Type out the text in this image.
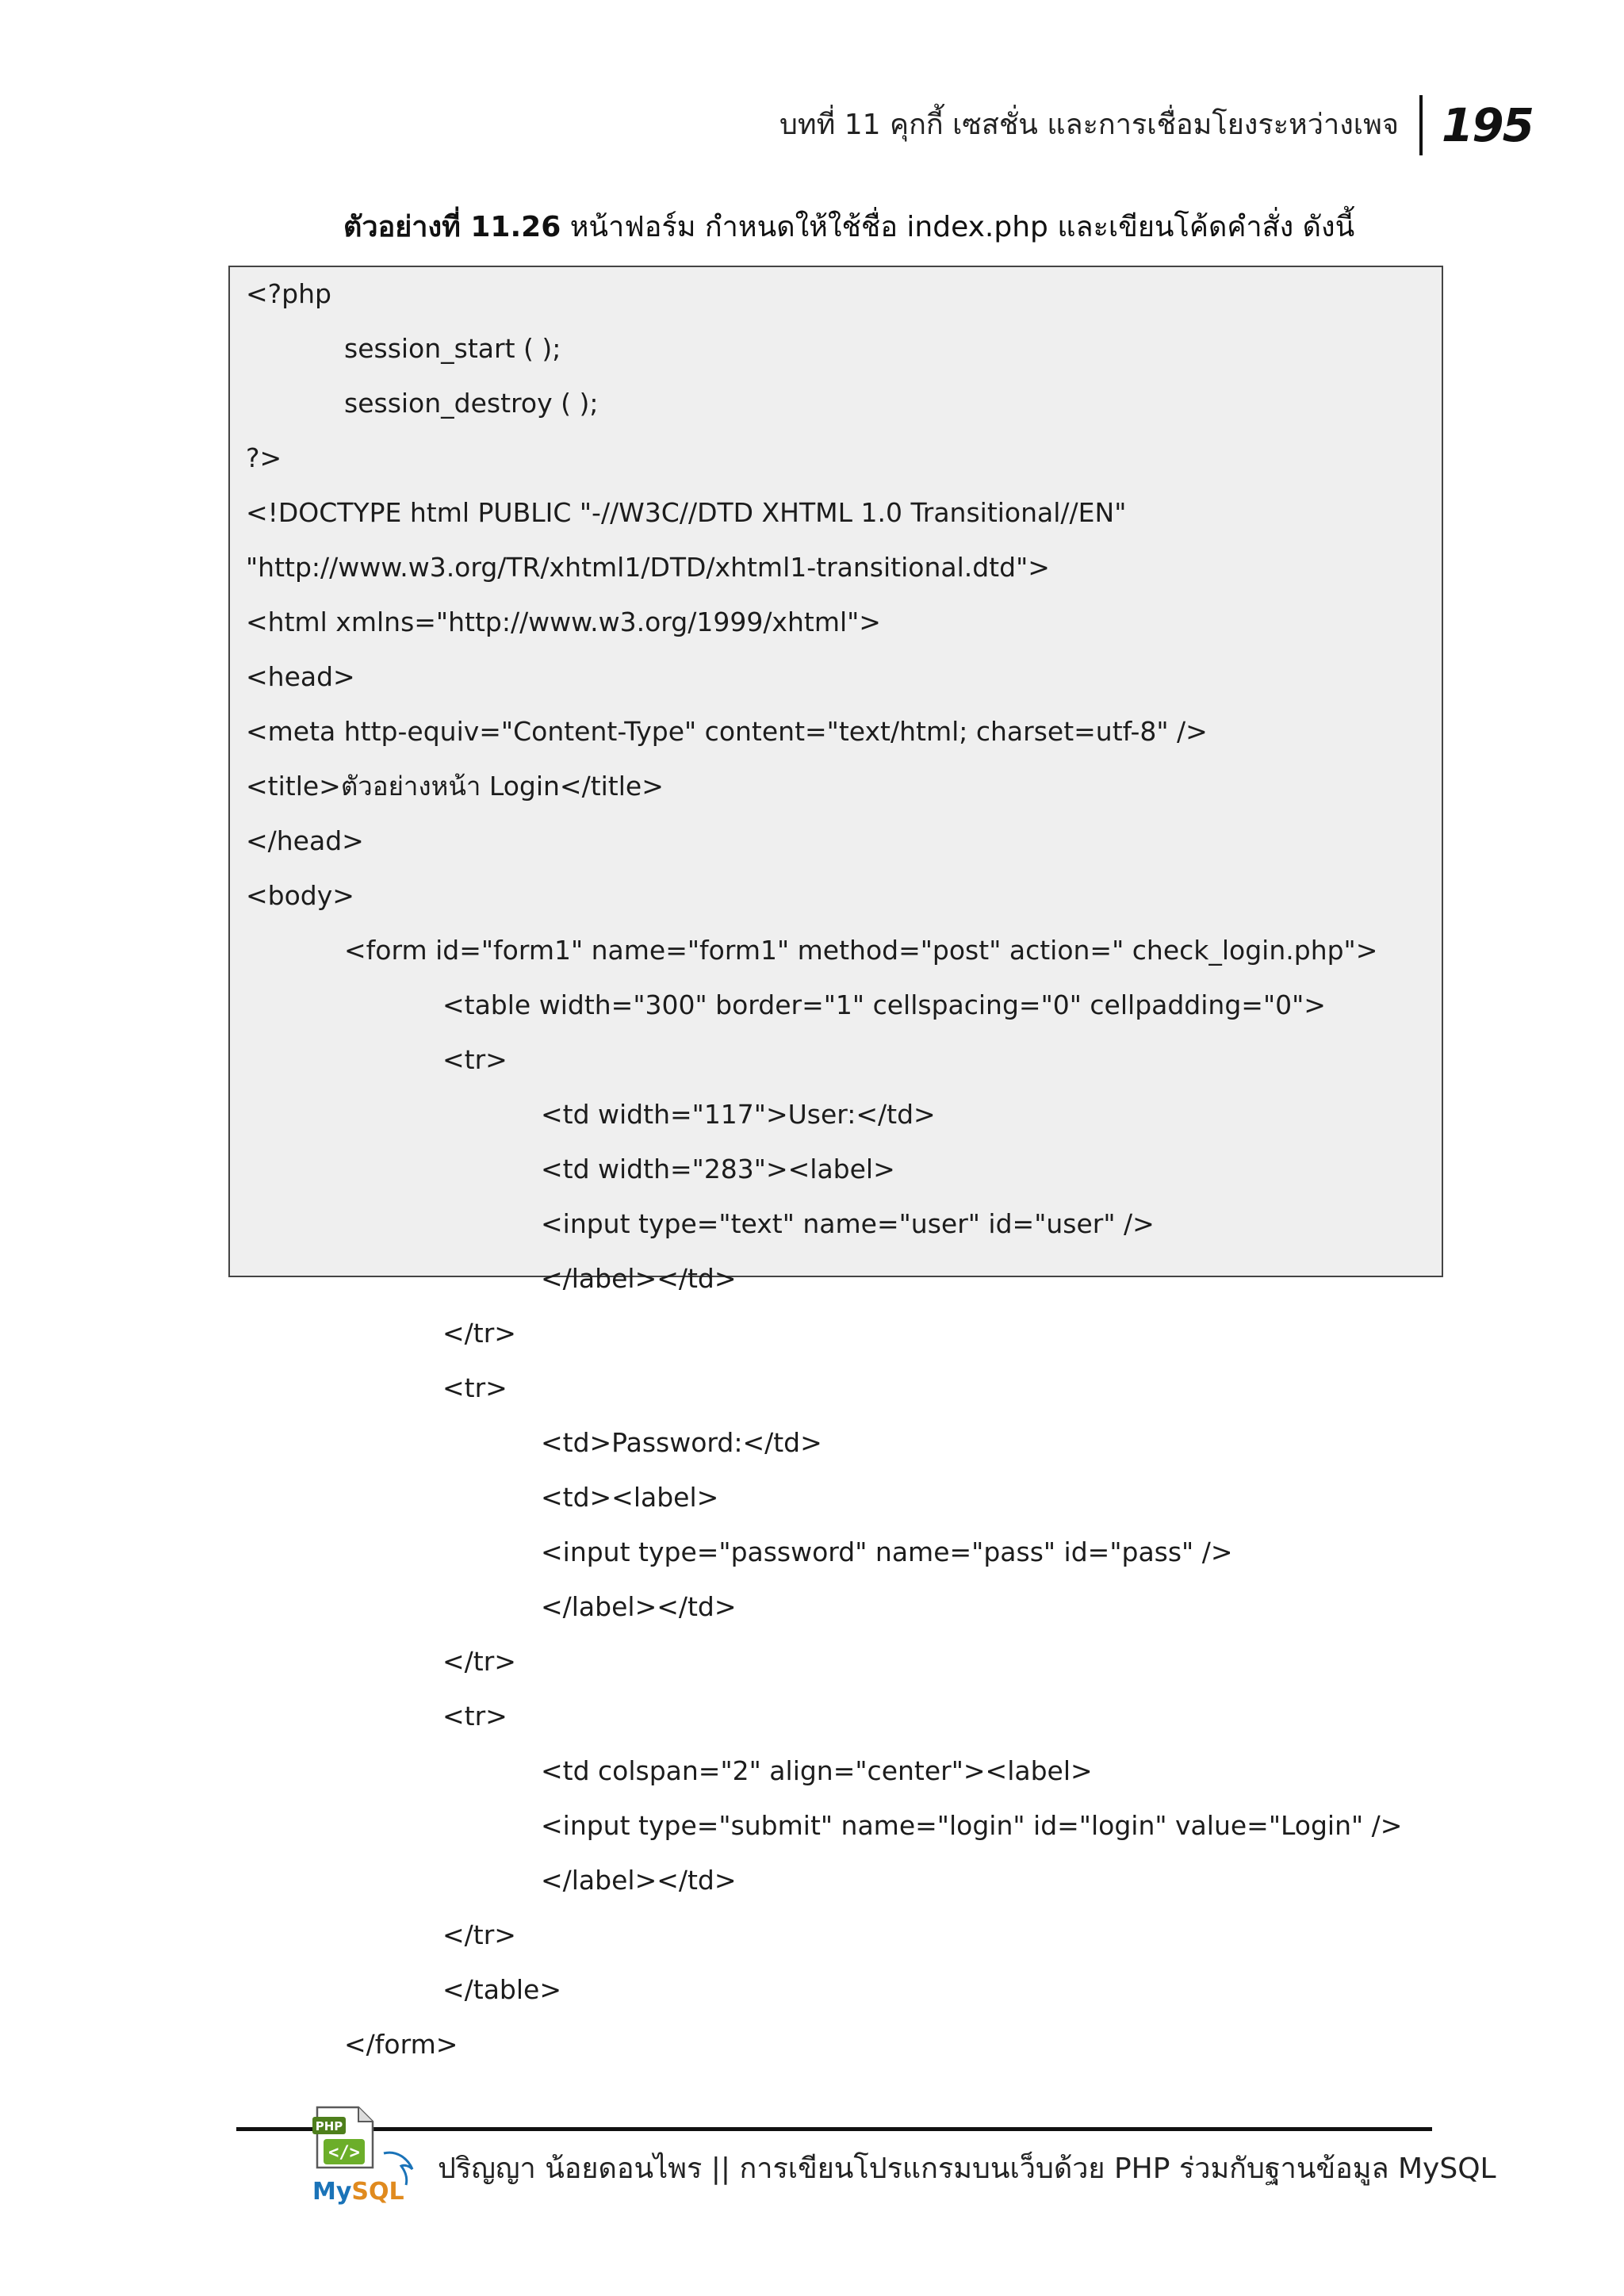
บทที่ 11 คุกกี้ เซสชั่น และการเชื่อมโยงระหว่างเพจ 195
ตัวอย่างที่ 11.26 หน้าฟอร์ม กำหนดให้ใช้ชื่อ index.php และเขียนโค้ดคำสั่ง ดังนี้
<?php
session_start ( );
session_destroy ( );
?>
<!DOCTYPE html PUBLIC "-//W3C//DTD XHTML 1.0 Transitional//EN"
"http://www.w3.org/TR/xhtml1/DTD/xhtml1-transitional.dtd">
<html xmlns="http://www.w3.org/1999/xhtml">
<head>
<meta http-equiv="Content-Type" content="text/html; charset=utf-8" />
<title>ตัวอย่างหน้า Login</title>
</head>
<body>
<form id="form1" name="form1" method="post" action=" check_login.php">
<table width="300" border="1" cellspacing="0" cellpadding="0">
<tr>
<td width="117">User:</td>
<td width="283"><label>
<input type="text" name="user" id="user" />
</label></td>
</tr>
<tr>
<td>Password:</td>
<td><label>
<input type="password" name="pass" id="pass" />
</label></td>
</tr>
<tr>
<td colspan="2" align="center"><label>
<input type="submit" name="login" id="login" value="Login" />
</label></td>
</tr>
</table>
</form>
PHP
</>
MySQL
ปริญญา น้อยดอนไพร || การเขียนโปรแกรมบนเว็บด้วย PHP ร่วมกับฐานข้อมูล MySQL
